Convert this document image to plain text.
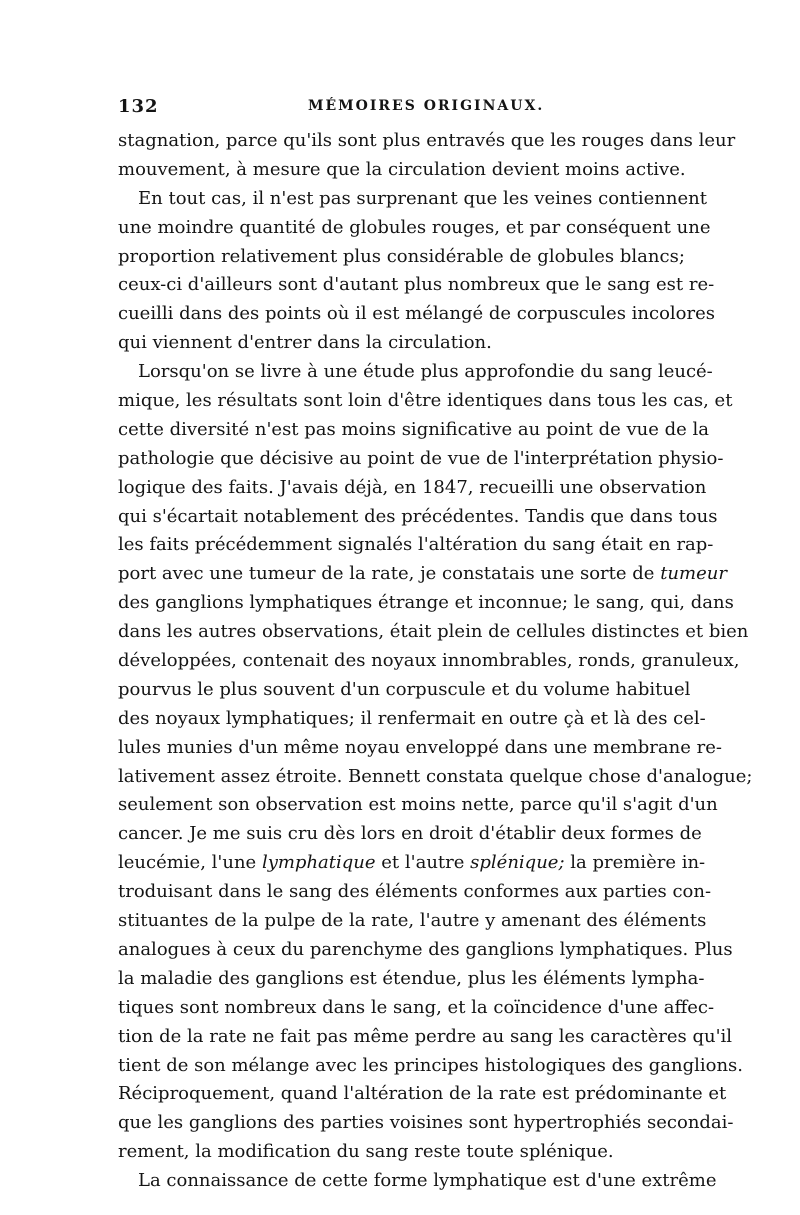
132	MÉMOIRES ORIGINAUX.
stagnation, parce qu'ils sont plus entravés que les rouges dans leur
mouvement, à mesure que la circulation devient moins active.
En tout cas, il n'est pas surprenant que les veines contiennent
une moindre quantité de globules rouges, et par conséquent une
proportion relativement plus considérable de globules blancs;
ceux-ci d'ailleurs sont d'autant plus nombreux que le sang est re-
cueilli dans des points où il est mélangé de corpuscules incolores
qui viennent d'entrer dans la circulation.
Lorsqu'on se livre à une étude plus approfondie du sang leucé-
mique, les résultats sont loin d'être identiques dans tous les cas, et
cette diversité n'est pas moins significative au point de vue de la
pathologie que décisive au point de vue de l'interprétation physio-
logique des faits. J'avais déjà, en 1847, recueilli une observation
qui s'écartait notablement des précédentes. Tandis que dans tous
les faits précédemment signalés l'altération du sang était en rap-
port avec une tumeur de la rate, je constatais une sorte de tumeur
des ganglions lymphatiques étrange et inconnue; le sang, qui, dans
dans les autres observations, était plein de cellules distinctes et bien
développées, contenait des noyaux innombrables, ronds, granuleux,
pourvus le plus souvent d'un corpuscule et du volume habituel
des noyaux lymphatiques; il renfermait en outre çà et là des cel-
lules munies d'un même noyau enveloppé dans une membrane re-
lativement assez étroite. Bennett constata quelque chose d'analogue;
seulement son observation est moins nette, parce qu'il s'agit d'un
cancer. Je me suis cru dès lors en droit d'établir deux formes de
leucémie, l'une lymphatique et l'autre splénique; la première in-
troduisant dans le sang des éléments conformes aux parties con-
stituantes de la pulpe de la rate, l'autre y amenant des éléments
analogues à ceux du parenchyme des ganglions lymphatiques. Plus
la maladie des ganglions est étendue, plus les éléments lympha-
tiques sont nombreux dans le sang, et la coïncidence d'une affec-
tion de la rate ne fait pas même perdre au sang les caractères qu'il
tient de son mélange avec les principes histologiques des ganglions.
Réciproquement, quand l'altération de la rate est prédominante et
que les ganglions des parties voisines sont hypertrophiés secondai-
rement, la modification du sang reste toute splénique.
La connaissance de cette forme lymphatique est d'une extrême
